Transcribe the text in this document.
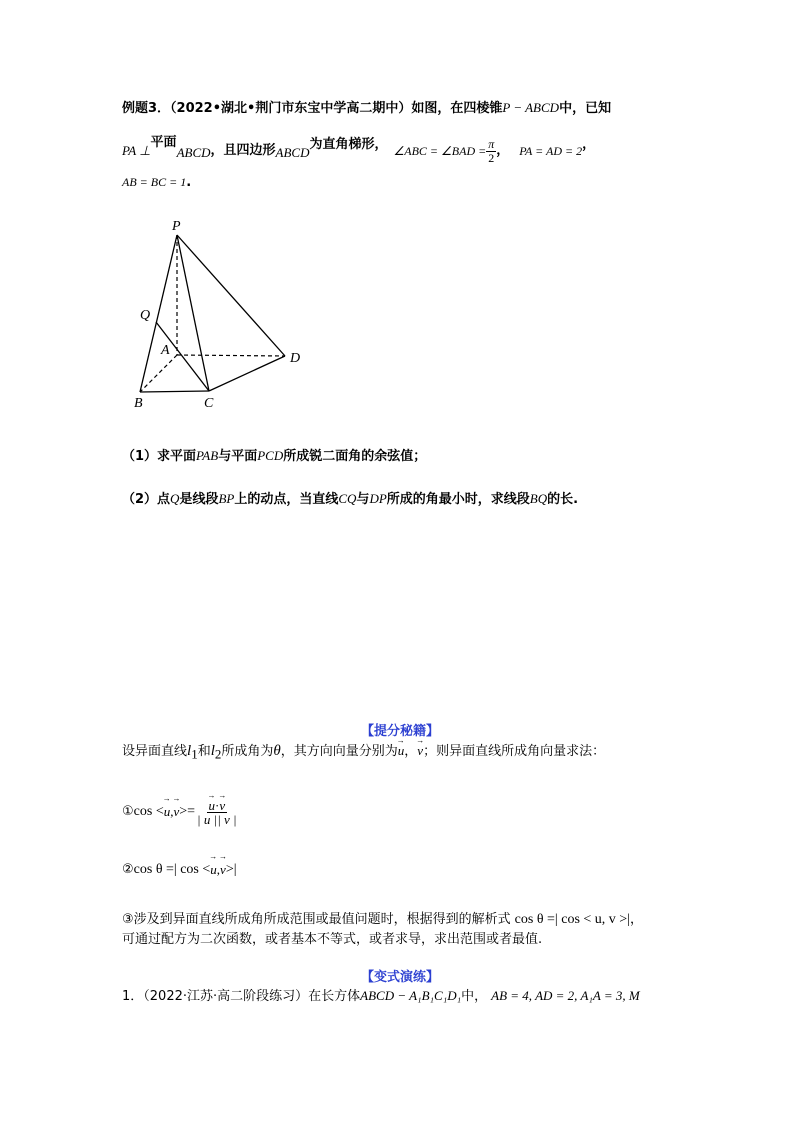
例题3．（2022•湖北•荆门市东宝中学高二期中）如图，在四棱锥P − ABCD中，已知
PA ⊥
平面
ABCD ，且四边形 ABCD
为直角梯形， ∠ABC = ∠BAD = $\frac{\pi}{2}$ ， PA = AD = 2 ，
AB = BC = 1.
P
Q
A
D
B	C
（1）求平面PAB与平面PCD所成锐二面角的余弦值；
（2）点Q是线段BP上的动点，当直线CQ与DP所成的角最小时，求线段BQ的长.
【提分秘籍】
设异面直线$l_1$和$l_2$所成角为θ，其方向向量分别为→ u，→ v；则异面直线所成角向量求法：
① cos < → u , → v >= → $\frac{u\cdot\to v}{| u || v |}$
② cos θ =| cos < → u , → v >|
③涉及到异面直线所成角所成范围或最值问题时，根据得到的解析式 cos θ =| cos < u, v >|，
可通过配方为二次函数，或者基本不等式，或者求导，求出范围或者最值.
【变式演练】
1．（2022·江苏·高二阶段练习）在长方体ABCD − A₁B₁C₁D₁中， AB = 4, AD = 2, A₁A = 3, M
